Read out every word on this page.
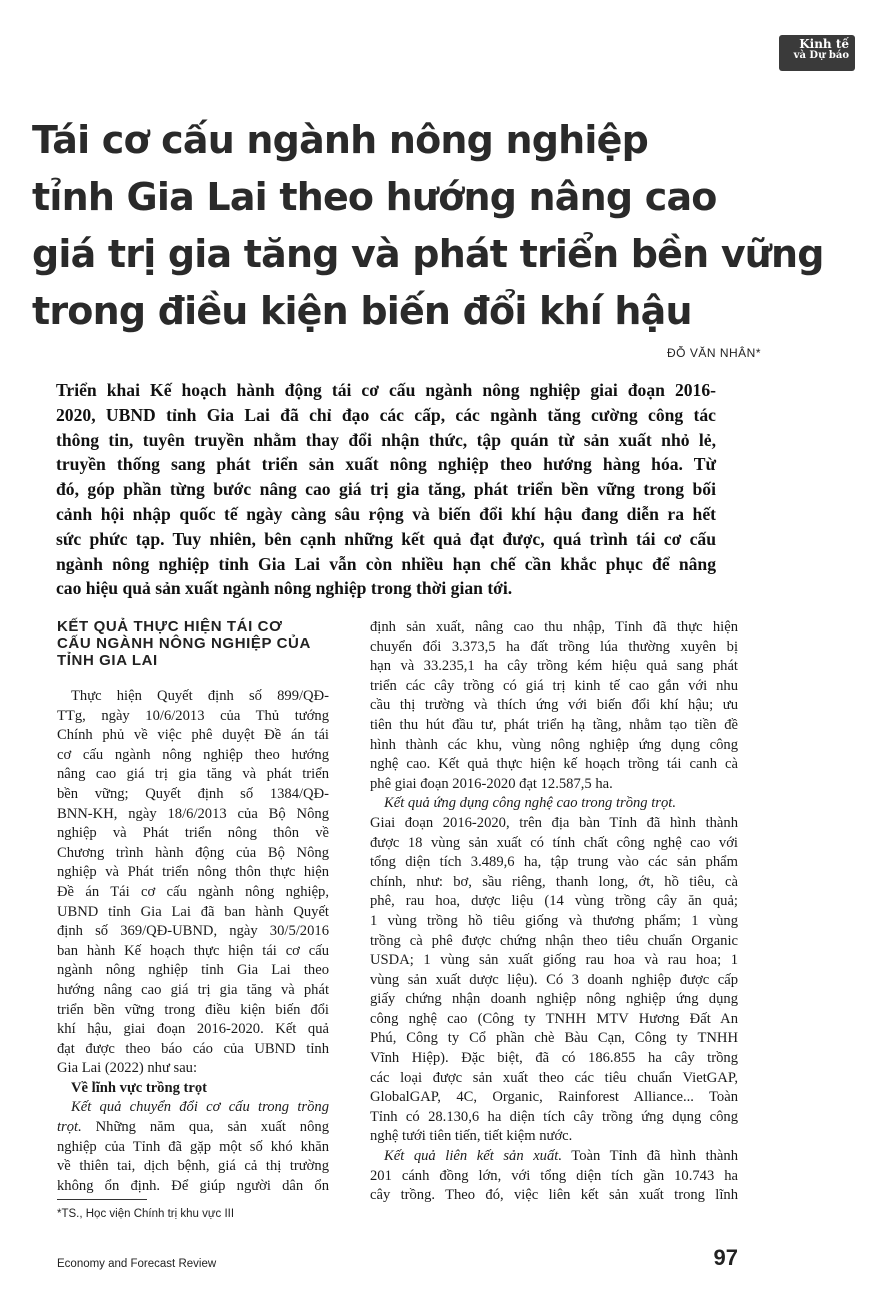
Kinh tế
và Dự báo
Tái cơ cấu ngành nông nghiệp
tỉnh Gia Lai theo hướng nâng cao
giá trị gia tăng và phát triển bền vững
trong điều kiện biến đổi khí hậu
ĐỖ VĂN NHÂN*
Triển khai Kế hoạch hành động tái cơ cấu ngành nông nghiệp giai đoạn 2016-
2020, UBND tỉnh Gia Lai đã chỉ đạo các cấp, các ngành tăng cường công tác
thông tin, tuyên truyền nhằm thay đổi nhận thức, tập quán từ sản xuất nhỏ lẻ,
truyền thống sang phát triển sản xuất nông nghiệp theo hướng hàng hóa. Từ
đó, góp phần từng bước nâng cao giá trị gia tăng, phát triển bền vững trong bối
cảnh hội nhập quốc tế ngày càng sâu rộng và biến đổi khí hậu đang diễn ra hết
sức phức tạp. Tuy nhiên, bên cạnh những kết quả đạt được, quá trình tái cơ cấu
ngành nông nghiệp tỉnh Gia Lai vẫn còn nhiều hạn chế cần khắc phục để nâng
cao hiệu quả sản xuất ngành nông nghiệp trong thời gian tới.
KẾT QUẢ THỰC HIỆN TÁI CƠ
CẤU NGÀNH NÔNG NGHIỆP CỦA
TỈNH GIA LAI
Thực hiện Quyết định số 899/QĐ-
TTg, ngày 10/6/2013 của Thủ tướng
Chính phủ về việc phê duyệt Đề án tái
cơ cấu ngành nông nghiệp theo hướng
nâng cao giá trị gia tăng và phát triển
bền vững; Quyết định số 1384/QĐ-
BNN-KH, ngày 18/6/2013 của Bộ Nông
nghiệp và Phát triển nông thôn về
Chương trình hành động của Bộ Nông
nghiệp và Phát triển nông thôn thực hiện
Đề án Tái cơ cấu ngành nông nghiệp,
UBND tỉnh Gia Lai đã ban hành Quyết
định số 369/QĐ-UBND, ngày 30/5/2016
ban hành Kế hoạch thực hiện tái cơ cấu
ngành nông nghiệp tỉnh Gia Lai theo
hướng nâng cao giá trị gia tăng và phát
triển bền vững trong điều kiện biến đổi
khí hậu, giai đoạn 2016-2020. Kết quả
đạt được theo báo cáo của UBND tỉnh
Gia Lai (2022) như sau:
Về lĩnh vực trồng trọt
Kết quả chuyển đổi cơ cấu trong trồng
trọt. Những năm qua, sản xuất nông
nghiệp của Tỉnh đã gặp một số khó khăn
về thiên tai, dịch bệnh, giá cả thị trường
không ổn định. Để giúp người dân ổn
định sản xuất, nâng cao thu nhập, Tỉnh đã thực hiện
chuyển đổi 3.373,5 ha đất trồng lúa thường xuyên bị
hạn và 33.235,1 ha cây trồng kém hiệu quả sang phát
triển các cây trồng có giá trị kinh tế cao gắn với nhu
cầu thị trường và thích ứng với biến đổi khí hậu; ưu
tiên thu hút đầu tư, phát triển hạ tầng, nhằm tạo tiền đề
hình thành các khu, vùng nông nghiệp ứng dụng công
nghệ cao. Kết quả thực hiện kế hoạch trồng tái canh cà
phê giai đoạn 2016-2020 đạt 12.587,5 ha.
Kết quả ứng dụng công nghệ cao trong trồng trọt.
Giai đoạn 2016-2020, trên địa bàn Tỉnh đã hình thành
được 18 vùng sản xuất có tính chất công nghệ cao với
tổng diện tích 3.489,6 ha, tập trung vào các sản phẩm
chính, như: bơ, sầu riêng, thanh long, ớt, hồ tiêu, cà
phê, rau hoa, dược liệu (14 vùng trồng cây ăn quả;
1 vùng trồng hồ tiêu giống và thương phẩm; 1 vùng
trồng cà phê được chứng nhận theo tiêu chuẩn Organic
USDA; 1 vùng sản xuất giống rau hoa và rau hoa; 1
vùng sản xuất dược liệu). Có 3 doanh nghiệp được cấp
giấy chứng nhận doanh nghiệp nông nghiệp ứng dụng
công nghệ cao (Công ty TNHH MTV Hương Đất An
Phú, Công ty Cổ phần chè Bàu Cạn, Công ty TNHH
Vĩnh Hiệp). Đặc biệt, đã có 186.855 ha cây trồng
các loại được sản xuất theo các tiêu chuẩn VietGAP,
GlobalGAP, 4C, Organic, Rainforest Alliance... Toàn
Tỉnh có 28.130,6 ha diện tích cây trồng ứng dụng công
nghệ tưới tiên tiến, tiết kiệm nước.
Kết quả liên kết sản xuất. Toàn Tỉnh đã hình thành
201 cánh đồng lớn, với tổng diện tích gần 10.743 ha
cây trồng. Theo đó, việc liên kết sản xuất trong lĩnh
*TS., Học viện Chính trị khu vực III
Economy and Forecast Review	97
